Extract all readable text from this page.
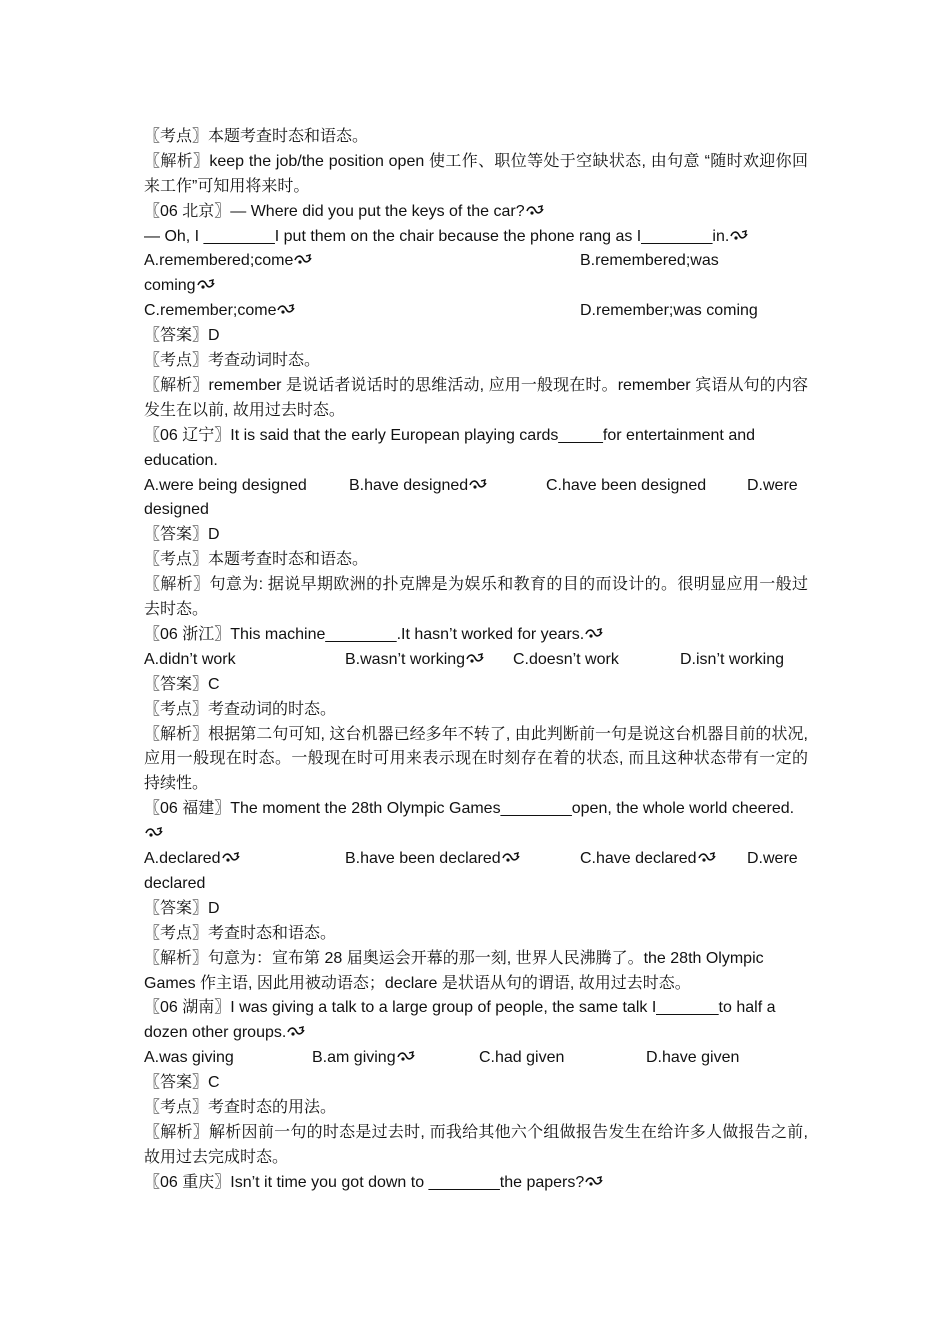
〖考点〗本题考查时态和语态。
〖解析〗keep the job/the position open 使工作、职位等处于空缺状态, 由句意 “随时欢迎你回来工作”可知用将来时。
〖06 北京〗— Where did you put the keys of the car?
— Oh, I ________I put them on the chair because the phone rang as I________in.
A.remembered;come	B.remembered;was
coming
C.remember;come	D.remember;was coming
〖答案〗D
〖考点〗考查动词时态。
〖解析〗remember 是说话者说话时的思维活动, 应用一般现在时。remember 宾语从句的内容发生在以前, 故用过去时态。
〖06 辽宁〗It is said that the early European playing cards_____for entertainment and education.
A.were being designed	B.have designed	C.have been designed	D.were
designed
〖答案〗D
〖考点〗本题考查时态和语态。
〖解析〗句意为: 据说早期欧洲的扑克牌是为娱乐和教育的目的而设计的。很明显应用一般过去时态。
〖06 浙江〗This machine________.It hasn’t worked for years.
A.didn’t work	B.wasn’t working	C.doesn’t work	D.isn’t working
〖答案〗C
〖考点〗考查动词的时态。
〖解析〗根据第二句可知, 这台机器已经多年不转了, 由此判断前一句是说这台机器目前的状况, 应用一般现在时态。一般现在时可用来表示现在时刻存在着的状态, 而且这种状态带有一定的持续性。
〖06 福建〗The moment the 28th Olympic Games________open, the whole world cheered.
A.declared	B.have been declared	C.have declared	D.were
declared
〖答案〗D
〖考点〗考查时态和语态。
〖解析〗句意为：宣布第 28 届奥运会开幕的那一刻, 世界人民沸腾了。the 28th Olympic
Games 作主语, 因此用被动语态；declare 是状语从句的谓语, 故用过去时态。
〖06 湖南〗I was giving a talk to a large group of people, the same talk I_______to half a dozen other groups.
A.was giving	B.am giving	C.had given	D.have given
〖答案〗C
〖考点〗考查时态的用法。
〖解析〗解析因前一句的时态是过去时, 而我给其他六个组做报告发生在给许多人做报告之前, 故用过去完成时态。
〖06 重庆〗Isn’t it time you got down to ________the papers?
